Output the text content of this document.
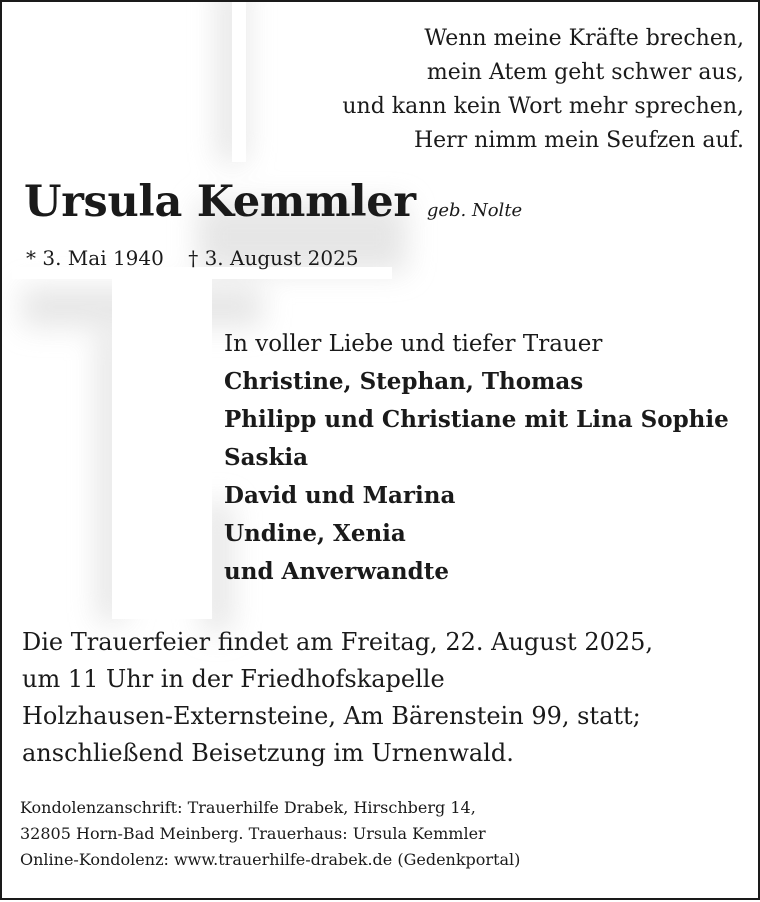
Wenn meine Kräfte brechen,
mein Atem geht schwer aus,
und kann kein Wort mehr sprechen,
Herr nimm mein Seufzen auf.
Ursula Kemmler geb. Nolte
* 3. Mai 1940 † 3. August 2025
In voller Liebe und tiefer Trauer
Christine, Stephan, Thomas
Philipp und Christiane mit Lina Sophie
Saskia
David und Marina
Undine, Xenia
und Anverwandte
Die Trauerfeier findet am Freitag, 22. August 2025,
um 11 Uhr in der Friedhofskapelle
Holzhausen-Externsteine, Am Bärenstein 99, statt;
anschließend Beisetzung im Urnenwald.
Kondolenzanschrift: Trauerhilfe Drabek, Hirschberg 14,
32805 Horn-Bad Meinberg. Trauerhaus: Ursula Kemmler
Online-Kondolenz: www.trauerhilfe-drabek.de (Gedenkportal)
